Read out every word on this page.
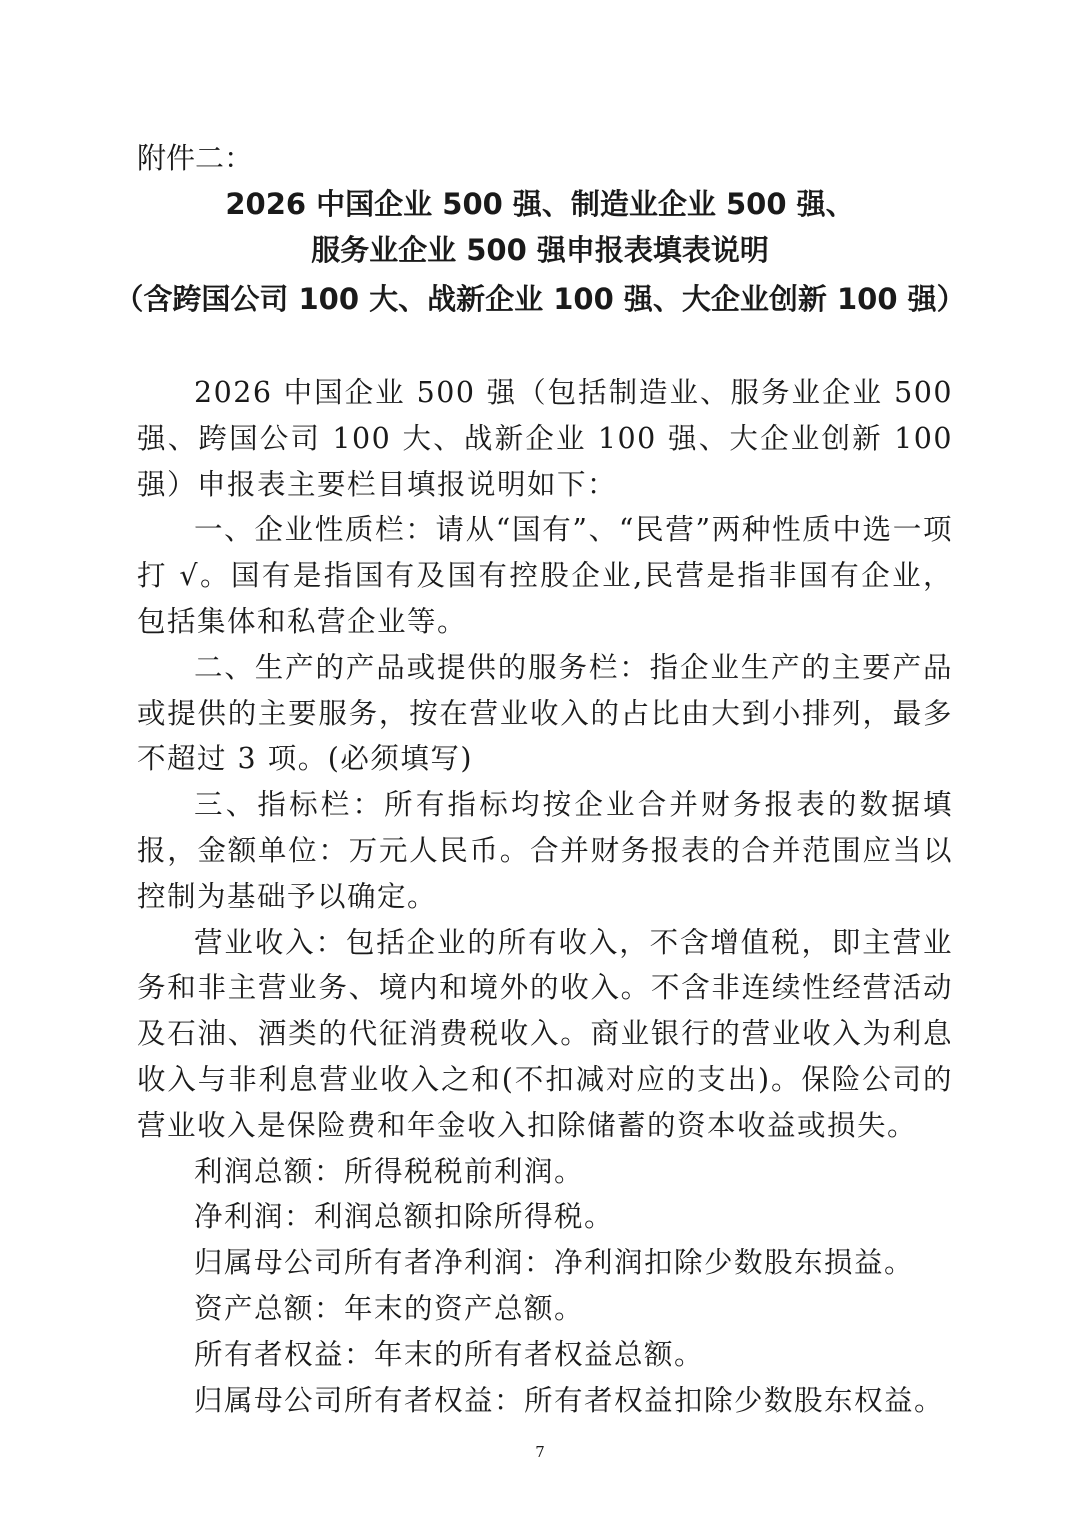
附件二：
2026 中国企业 500 强、制造业企业 500 强、
服务业企业 500 强申报表填表说明
（含跨国公司 100 大、战新企业 100 强、大企业创新 100 强）

2026 中国企业 500 强（包括制造业、服务业企业 500 强、跨国公司 100 大、战新企业 100 强、大企业创新 100 强）申报表主要栏目填报说明如下：

一、企业性质栏：请从“国有”、“民营”两种性质中选一项打 √。国有是指国有及国有控股企业,民营是指非国有企业，包括集体和私营企业等。

二、生产的产品或提供的服务栏：指企业生产的主要产品或提供的主要服务，按在营业收入的占比由大到小排列，最多不超过 3 项。(必须填写)

三、指标栏：所有指标均按企业合并财务报表的数据填报，金额单位：万元人民币。合并财务报表的合并范围应当以控制为基础予以确定。

营业收入：包括企业的所有收入，不含增值税，即主营业务和非主营业务、境内和境外的收入。不含非连续性经营活动及石油、酒类的代征消费税收入。商业银行的营业收入为利息收入与非利息营业收入之和(不扣减对应的支出)。保险公司的营业收入是保险费和年金收入扣除储蓄的资本收益或损失。

利润总额：所得税税前利润。

净利润：利润总额扣除所得税。

归属母公司所有者净利润：净利润扣除少数股东损益。

资产总额：年末的资产总额。

所有者权益：年末的所有者权益总额。

归属母公司所有者权益：所有者权益扣除少数股东权益。

7
